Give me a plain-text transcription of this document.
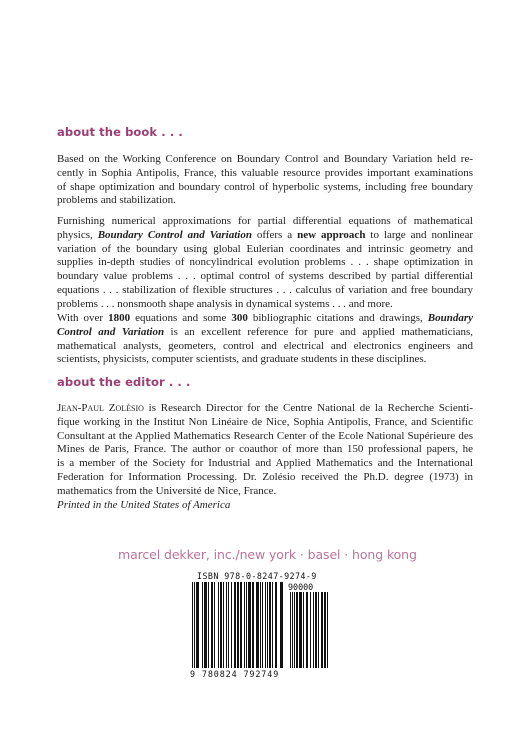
about the book . . .
Based on the Working Conference on Boundary Control and Boundary Variation held re-
cently in Sophia Antipolis, France, this valuable resource provides important examinations
of shape optimization and boundary control of hyperbolic systems, including free boundary
problems and stabilization.
Furnishing numerical approximations for partial differential equations of mathematical
physics, Boundary Control and Variation offers a new approach to large and nonlinear
variation of the boundary using global Eulerian coordinates and intrinsic geometry and
supplies in-depth studies of noncylindrical evolution problems . . . shape optimization in
boundary value problems . . . optimal control of systems described by partial differential
equations . . . stabilization of flexible structures . . . calculus of variation and free boundary
problems . . . nonsmooth shape analysis in dynamical systems . . . and more.
With over 1800 equations and some 300 bibliographic citations and drawings, Boundary
Control and Variation is an excellent reference for pure and applied mathematicians,
mathematical analysts, geometers, control and electrical and electronics engineers and
scientists, physicists, computer scientists, and graduate students in these disciplines.
about the editor . . .
Jean-Paul Zolésio is Research Director for the Centre National de la Recherche Scienti-
fique working in the Institut Non Linéaire de Nice, Sophia Antipolis, France, and Scientific
Consultant at the Applied Mathematics Research Center of the Ecole National Supérieure des
Mines de Paris, France. The author or coauthor of more than 150 professional papers, he
is a member of the Society for Industrial and Applied Mathematics and the International
Federation for Information Processing. Dr. Zolésio received the Ph.D. degree (1973) in
mathematics from the Université de Nice, France.
Printed in the United States of America
marcel dekker, inc./new york · basel · hong kong
ISBN 978-0-8247-9274-9
90000
9 780824 792749
